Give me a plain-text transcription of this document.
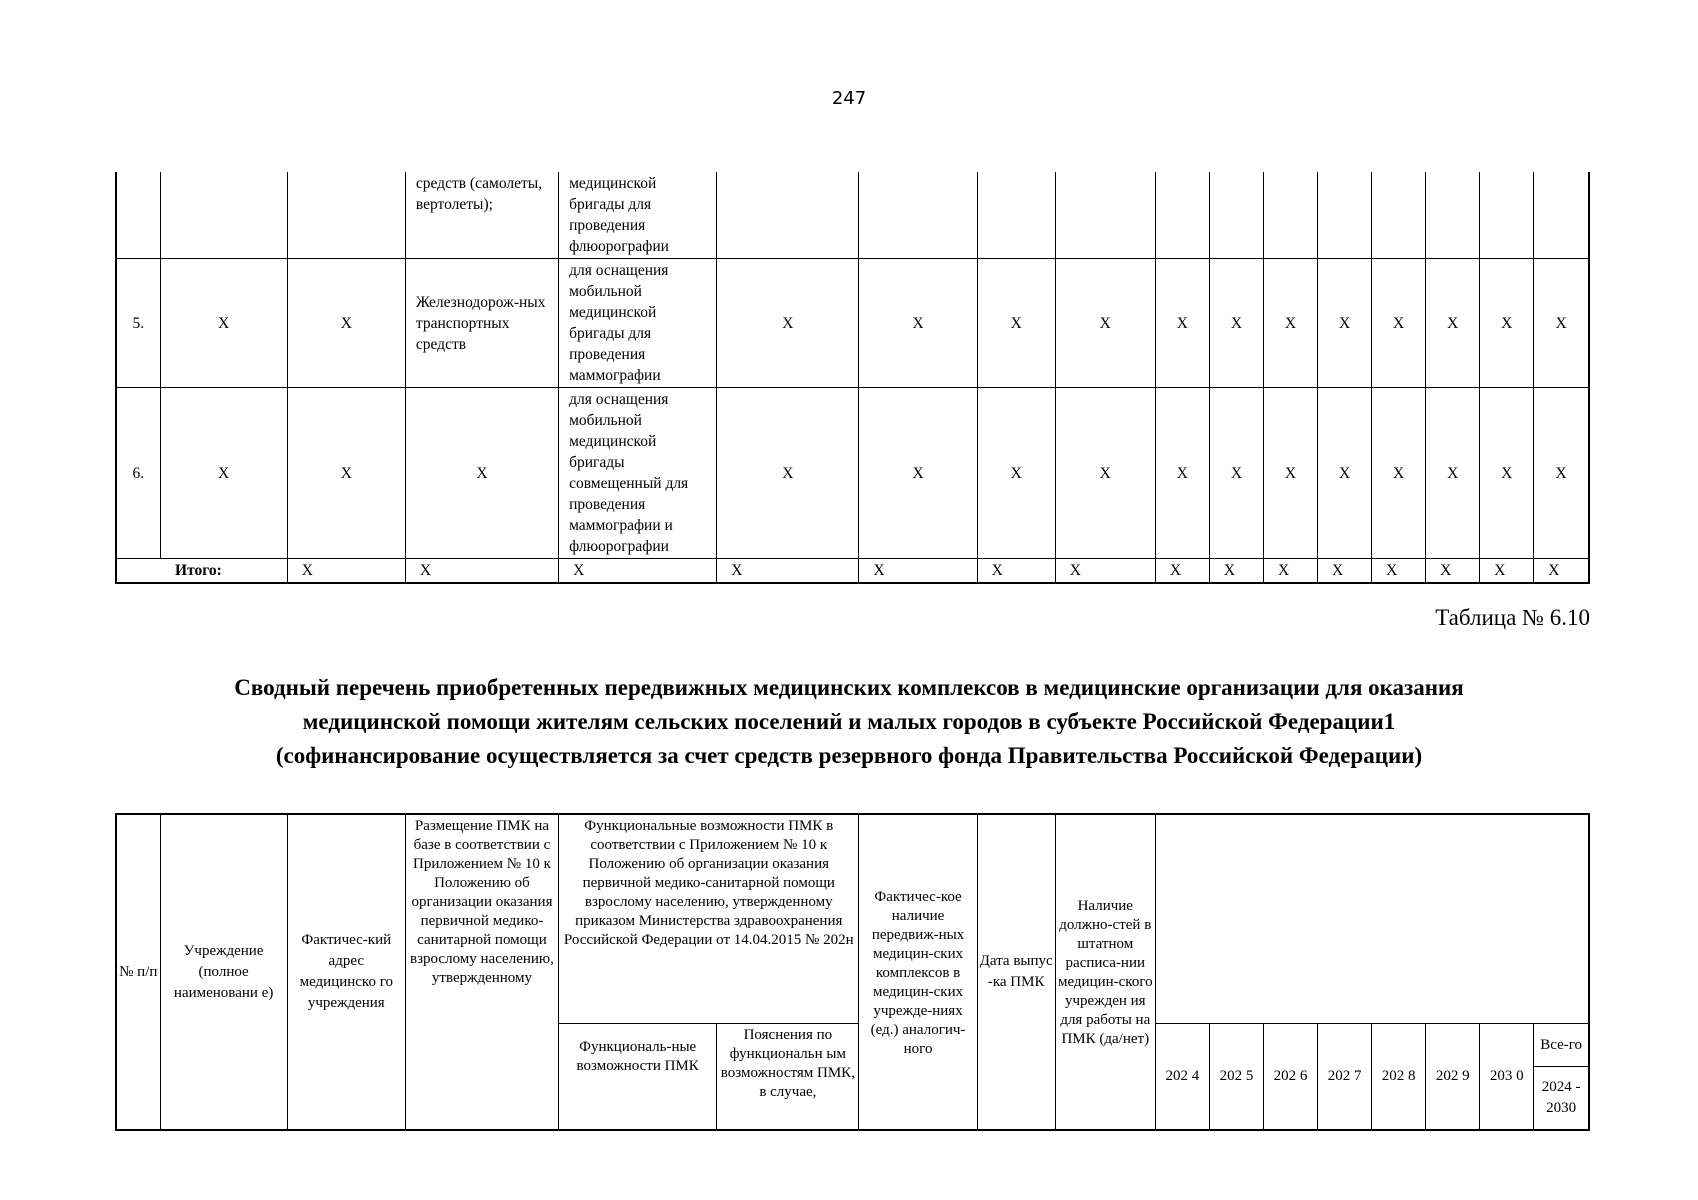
247
			средств (самолеты, вертолеты);	медицинской бригады для проведения флюорографии												
5.	Х	Х	Железнодорож-ных транспортных средств	для оснащения мобильной медицинской бригады для проведения маммографии	Х	Х	Х	Х	Х	Х	Х	Х	Х	Х	Х	Х
6.	Х	Х	Х	для оснащения мобильной медицинской бригады совмещенный для проведения маммографии и флюорографии	Х	Х	Х	Х	Х	Х	Х	Х	Х	Х	Х	Х
Итого:		Х	Х	Х	Х	Х	Х	Х	Х	Х	Х	Х	Х	Х	Х	Х
Таблица № 6.10
Сводный перечень приобретенных передвижных медицинских комплексов в медицинские организации для оказания
медицинской помощи жителям сельских поселений и малых городов в субъекте Российской Федерации1
(софинансирование осуществляется за счет средств резервного фонда Правительства Российской Федерации)
№ п/п	Учреждение (полное наименовани е)	Фактичес-кий адрес медицинско го учреждения	Размещение ПМК на базе в соответствии с Приложением № 10 к Положению об организации оказания первичной медико-санитарной помощи взрослому населению, утвержденному	Функциональные возможности ПМК в соответствии с Приложением № 10 к Положению об организации оказания первичной медико-санитарной помощи взрослому населению, утвержденному приказом Министерства здравоохранения Российской Федерации от 14.04.2015 № 202н		Фактичес-кое наличие передвиж-ных медицин-ских комплексов в медицин-ских учрежде-ниях (ед.) аналогич-ного	Дата выпус -ка ПМК	Наличие должно-стей в штатном расписа-нии медицин-ского учрежден ия для работы на ПМК (да/нет)								
				Функциональ-ные возможности ПМК	Пояснения по функциональн ым возможностям ПМК, в случае,				202 4	202 5	202 6	202 7	202 8	202 9	203 0	Все-го
																2024 - 2030
